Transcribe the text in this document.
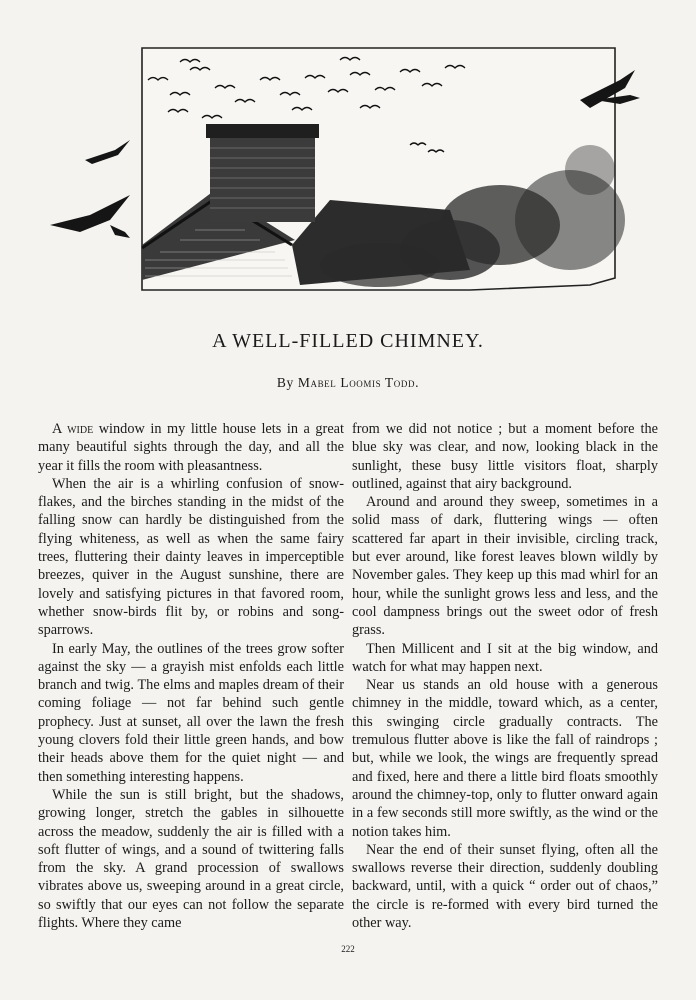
A WELL-FILLED CHIMNEY.
By Mabel Loomis Todd.

A wide window in my little house lets in a great many beautiful sights through the day, and all the year it fills the room with pleasantness.

When the air is a whirling confusion of snow-flakes, and the birches standing in the midst of the falling snow can hardly be distinguished from the flying whiteness, as well as when the same fairy trees, fluttering their dainty leaves in imperceptible breezes, quiver in the August sunshine, there are lovely and satisfying pictures in that favored room, whether snow-birds flit by, or robins and song-sparrows.

In early May, the outlines of the trees grow softer against the sky — a grayish mist enfolds each little branch and twig. The elms and maples dream of their coming foliage — not far behind such gentle prophecy. Just at sunset, all over the lawn the fresh young clovers fold their little green hands, and bow their heads above them for the quiet night — and then something interesting happens.

While the sun is still bright, but the shadows, growing longer, stretch the gables in silhouette across the meadow, suddenly the air is filled with a soft flutter of wings, and a sound of twittering falls from the sky. A grand procession of swallows vibrates above us, sweeping around in a great circle, so swiftly that our eyes can not follow the separate flights. Where they came

from we did not notice ; but a moment before the blue sky was clear, and now, looking black in the sunlight, these busy little visitors float, sharply outlined, against that airy background.

Around and around they sweep, sometimes in a solid mass of dark, fluttering wings — often scattered far apart in their invisible, circling track, but ever around, like forest leaves blown wildly by November gales. They keep up this mad whirl for an hour, while the sunlight grows less and less, and the cool dampness brings out the sweet odor of fresh grass.

Then Millicent and I sit at the big window, and watch for what may happen next.

Near us stands an old house with a generous chimney in the middle, toward which, as a center, this swinging circle gradually contracts. The tremulous flutter above is like the fall of raindrops ; but, while we look, the wings are frequently spread and fixed, here and there a little bird floats smoothly around the chimney-top, only to flutter onward again in a few seconds still more swiftly, as the wind or the notion takes him.

Near the end of their sunset flying, often all the swallows reverse their direction, suddenly doubling backward, until, with a quick “ order out of chaos,” the circle is re-formed with every bird turned the other way.

222
